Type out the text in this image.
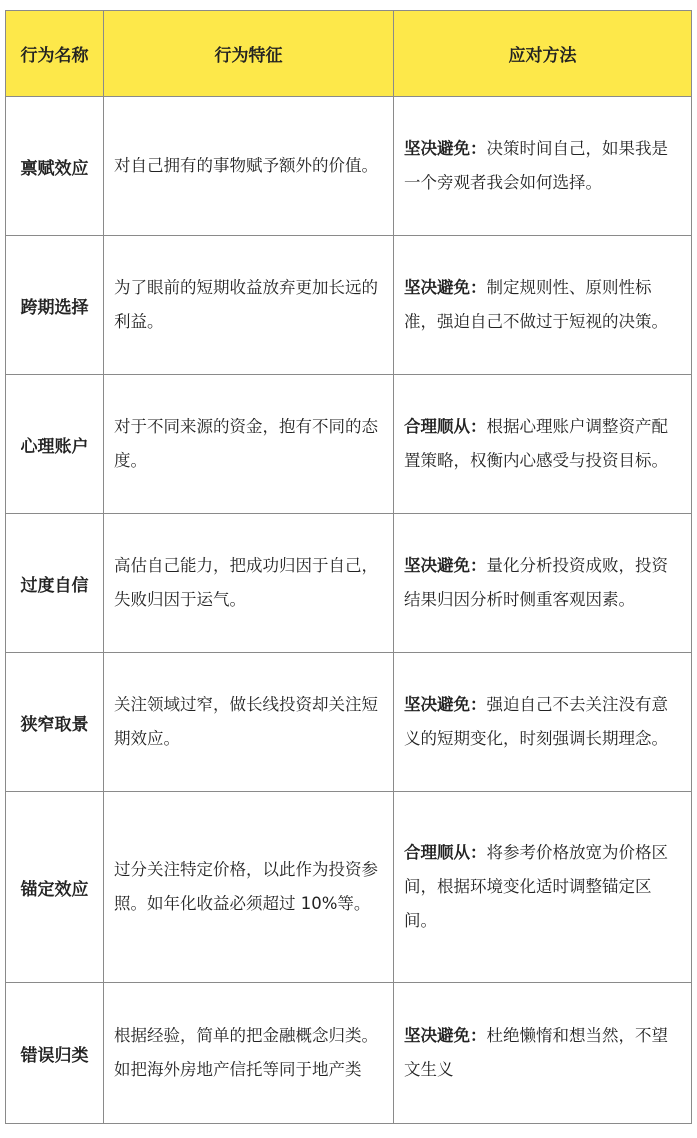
行为名称	行为特征	应对方法
禀赋效应	对自己拥有的事物赋予额外的价值。	坚决避免：决策时间自己，如果我是一个旁观者我会如何选择。
跨期选择	为了眼前的短期收益放弃更加长远的利益。	坚决避免：制定规则性、原则性标准，强迫自己不做过于短视的决策。
心理账户	对于不同来源的资金，抱有不同的态度。	合理顺从：根据心理账户调整资产配置策略，权衡内心感受与投资目标。
过度自信	高估自己能力，把成功归因于自己，失败归因于运气。	坚决避免：量化分析投资成败，投资结果归因分析时侧重客观因素。
狭窄取景	关注领域过窄，做长线投资却关注短期效应。	坚决避免：强迫自己不去关注没有意义的短期变化，时刻强调长期理念。
锚定效应	过分关注特定价格，以此作为投资参照。如年化收益必须超过 10%等。	合理顺从：将参考价格放宽为价格区间，根据环境变化适时调整锚定区间。
错误归类	根据经验，简单的把金融概念归类。如把海外房地产信托等同于地产类	坚决避免：杜绝懒惰和想当然，不望文生义
